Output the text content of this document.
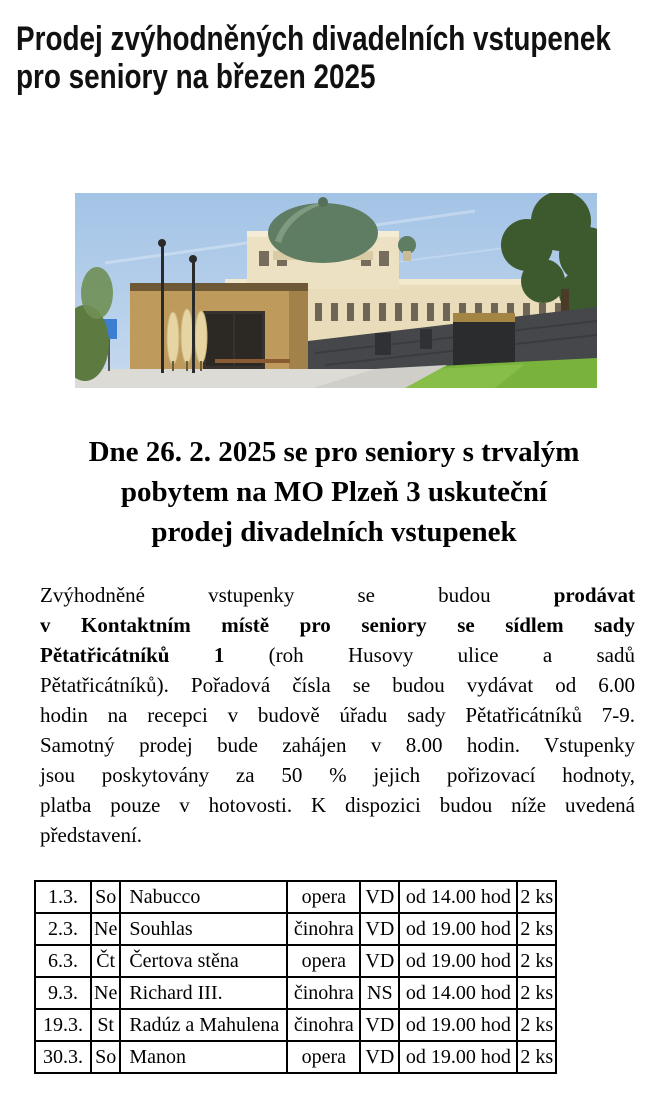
Prodej zvýhodněných divadelních vstupenek
pro seniory na březen 2025
Dne 26. 2. 2025 se pro seniory s trvalým
pobytem na MO Plzeň 3 uskuteční
prodej divadelních vstupenek
Zvýhodněné vstupenky se budou prodávat
v Kontaktním místě pro seniory se sídlem sady
Pětatřicátníků 1 (roh Husovy ulice a sadů
Pětatřicátníků). Pořadová čísla se budou vydávat od 6.00
hodin na recepci v budově úřadu sady Pětatřicátníků 7-9.
Samotný prodej bude zahájen v 8.00 hodin. Vstupenky
jsou poskytovány za 50 % jejich pořizovací hodnoty,
platba pouze v hotovosti. K dispozici budou níže uvedená
představení.
1.3.	So	Nabucco	opera	VD	od 14.00 hod	2 ks
2.3.	Ne	Souhlas	činohra	VD	od 19.00 hod	2 ks
6.3.	Čt	Čertova stěna	opera	VD	od 19.00 hod	2 ks
9.3.	Ne	Richard III.	činohra	NS	od 14.00 hod	2 ks
19.3.	St	Radúz a Mahulena	činohra	VD	od 19.00 hod	2 ks
30.3.	So	Manon	opera	VD	od 19.00 hod	2 ks
